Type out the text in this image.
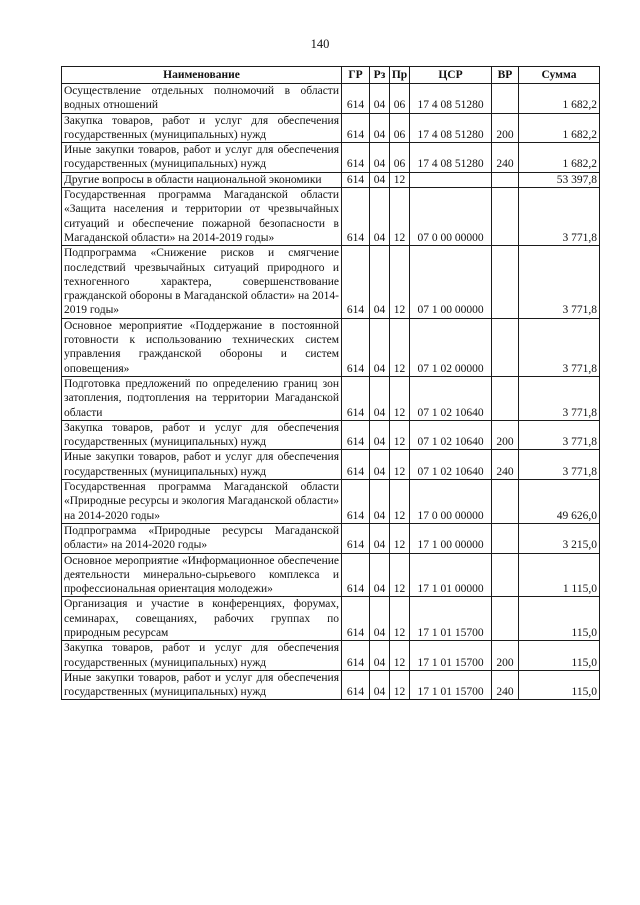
140
Наименование	ГР	Рз	Пр	ЦСР	ВР	Сумма
Осуществление отдельных полномочий в области водных отношений	614	04	06	17 4 08 51280		1 682,2
Закупка товаров, работ и услуг для обеспечения государственных (муниципальных) нужд	614	04	06	17 4 08 51280	200	1 682,2
Иные закупки товаров, работ и услуг для обеспечения государственных (муниципальных) нужд	614	04	06	17 4 08 51280	240	1 682,2
Другие вопросы в области национальной экономики	614	04	12			53 397,8
Государственная программа Магаданской области «Защита населения и территории от чрезвычайных ситуаций и обеспечение пожарной безопасности в Магаданской области» на 2014-2019 годы»	614	04	12	07 0 00 00000		3 771,8
Подпрограмма «Снижение рисков и смягчение последствий чрезвычайных ситуаций природного и техногенного характера, совершенствование гражданской обороны в Магаданской области» на 2014-2019 годы»	614	04	12	07 1 00 00000		3 771,8
Основное мероприятие «Поддержание в постоянной готовности к использованию технических систем управления гражданской обороны и систем оповещения»	614	04	12	07 1 02 00000		3 771,8
Подготовка предложений по определению границ зон затопления, подтопления на территории Магаданской области	614	04	12	07 1 02 10640		3 771,8
Закупка товаров, работ и услуг для обеспечения государственных (муниципальных) нужд	614	04	12	07 1 02 10640	200	3 771,8
Иные закупки товаров, работ и услуг для обеспечения государственных (муниципальных) нужд	614	04	12	07 1 02 10640	240	3 771,8
Государственная программа Магаданской области «Природные ресурсы и экология Магаданской области» на 2014-2020 годы»	614	04	12	17 0 00 00000		49 626,0
Подпрограмма «Природные ресурсы Магаданской области» на 2014-2020 годы»	614	04	12	17 1 00 00000		3 215,0
Основное мероприятие «Информационное обеспечение деятельности минерально-сырьевого комплекса и профессиональная ориентация молодежи»	614	04	12	17 1 01 00000		1 115,0
Организация и участие в конференциях, форумах, семинарах, совещаниях, рабочих группах по природным ресурсам	614	04	12	17 1 01 15700		115,0
Закупка товаров, работ и услуг для обеспечения государственных (муниципальных) нужд	614	04	12	17 1 01 15700	200	115,0
Иные закупки товаров, работ и услуг для обеспечения государственных (муниципальных) нужд	614	04	12	17 1 01 15700	240	115,0
